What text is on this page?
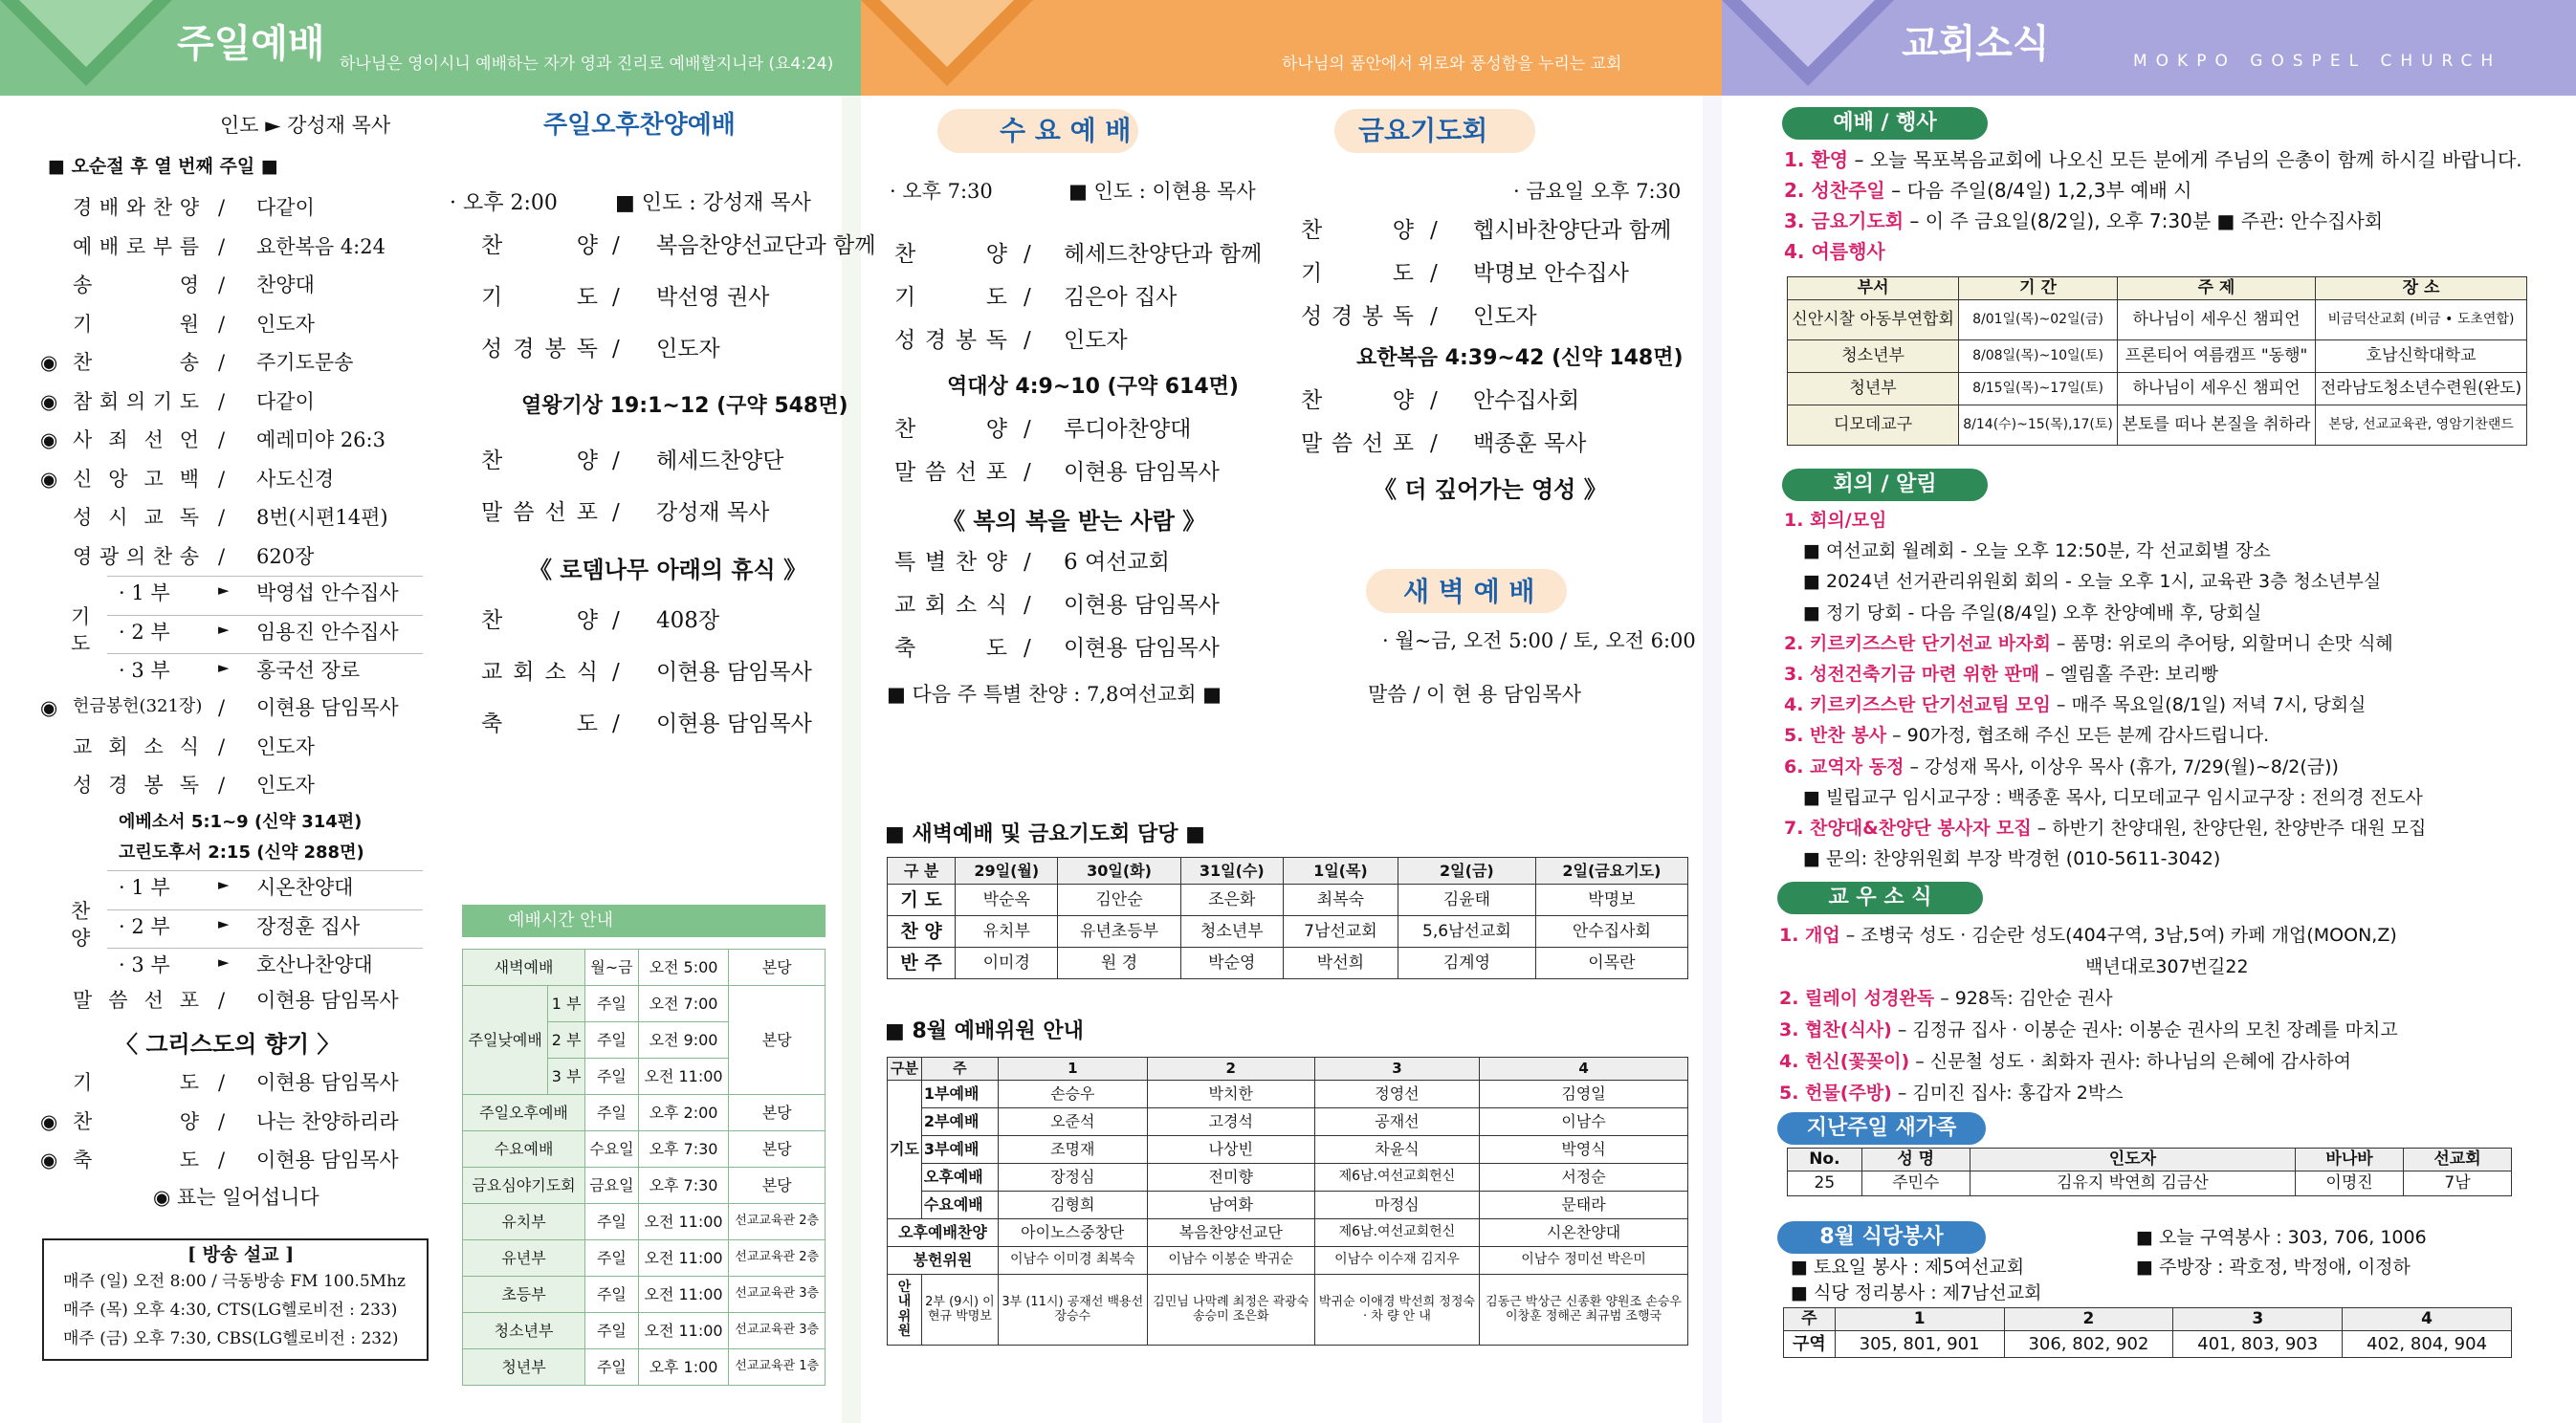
주일예배 하나님은 영이시니 예배하는 자가 영과 진리로 예배할지니라 (요4:24)	하나님의 품안에서 위로와 풍성함을 누리는 교회	교회소식	MOKPO GOSPEL CHURCH
인도 ► 강성재 목사
■ 오순절 후 열 번째 주일 ■
경 배 와 찬 양 / 다같이
예 배 로 부 름 / 요한복음 4:24
송	영 / 찬양대
기	원 / 인도자
◉ 찬	송 / 주기도문송
◉ 참 회 의 기 도 / 다같이
◉ 사 죄 선 언 / 예레미야 26:3
◉ 신 앙 고 백 / 사도신경
성 시 교 독 / 8번(시편14편)
영 광 의 찬 송 / 620장
기 도
· 1 부	► 박영섭 안수집사
· 2 부	► 임용진 안수집사
· 3 부	► 홍국선 장로
◉ 헌금봉헌(321장) / 이현용 담임목사
교 회 소 식 / 인도자
성 경 봉 독 / 인도자
에베소서 5:1~9 (신약 314편)
고린도후서 2:15 (신약 288면)
찬 양
· 1 부	► 시온찬양대
· 2 부	► 장정훈 집사
· 3 부	► 호산나찬양대
말 씀 선 포 / 이현용 담임목사
〈 그리스도의 향기 〉
기	도 / 이현용 담임목사
◉ 찬	양 / 나는 찬양하리라
◉ 축	도 / 이현용 담임목사
◉ 표는 일어섭니다
[ 방송 설교 ]
매주 (일) 오전 8:00 / 극동방송 FM 100.5Mhz
매주 (목) 오후 4:30, CTS(LG헬로비전 : 233)
매주 (금) 오후 7:30, CBS(LG헬로비전 : 232)
주일오후찬양예배
· 오후 2:00	■ 인도 : 강성재 목사
찬	양 / 복음찬양선교단과 함께
기	도 / 박선영 권사
성 경 봉 독 / 인도자
열왕기상 19:1~12 (구약 548면)
찬	양 / 헤세드찬양단
말 씀 선 포 / 강성재 목사
《 로뎀나무 아래의 휴식 》
찬	양 / 408장
교 회 소 식 / 이현용 담임목사
축	도 / 이현용 담임목사
예배시간 안내
새벽예배		월~금	오전 5:00	본당
주일낮예배	1 부	주일	오전 7:00	본당
	2 부	주일	오전 9:00	
	3 부	주일	오전 11:00	
주일오후예배		주일	오후 2:00	본당
수요예배		수요일	오후 7:30	본당
금요심야기도회		금요일	오후 7:30	본당
유치부		주일	오전 11:00	선교교육관 2층
유년부		주일	오전 11:00	선교교육관 2층
초등부		주일	오전 11:00	선교교육관 3층
청소년부		주일	오전 11:00	선교교육관 3층
청년부		주일	오후 1:00	선교교육관 1층
수 요 예 배
· 오후 7:30	■ 인도 : 이현용 목사
찬	양 / 헤세드찬양단과 함께
기	도 / 김은아 집사
성 경 봉 독 / 인도자
역대상 4:9~10 (구약 614면)
찬	양 / 루디아찬양대
말 씀 선 포 / 이현용 담임목사
《 복의 복을 받는 사람 》
특 별 찬 양 / 6 여선교회
교 회 소 식 / 이현용 담임목사
축	도 / 이현용 담임목사
■ 다음 주 특별 찬양 : 7,8여선교회 ■
금요기도회
· 금요일 오후 7:30
찬	양 / 헵시바찬양단과 함께
기	도 / 박명보 안수집사
성 경 봉 독 / 인도자
요한복음 4:39~42 (신약 148면)
찬	양 / 안수집사회
말 씀 선 포 / 백종훈 목사
《 더 깊어가는 영성 》
새 벽 예 배
· 월~금, 오전 5:00 / 토, 오전 6:00
말씀 / 이 현 용 담임목사
■ 새벽예배 및 금요기도회 담당 ■
구 분	29일(월)	30일(화)	31일(수)	1일(목)	2일(금)	2일(금요기도)
기 도	박순옥	김안순	조은화	최복숙	김윤태	박명보
찬 양	유치부	유년초등부	청소년부	7남선교회	5,6남선교회	안수집사회
반 주	이미경	원 경	박순영	박선희	김계영	이목란
■ 8월 예배위원 안내
구분	주	1	2	3	4
기도	1부예배	손승우	박치한	정영선	김영일
	2부예배	오준석	고경석	공재선	이남수
	3부예배	조명재	나상빈	차윤식	박영식
	오후예배	장정심	전미향	제6남.여선교회헌신	서정순
	수요예배	김형희	남여화	마정심	문태라
오후예배찬양		아이노스중창단	복음찬양선교단	제6남.여선교회헌신	시온찬양대
봉헌위원		이남수 이미경 최복숙	이남수 이봉순 박귀순	이남수 이수재 김지우	이남수 정미선 박은미
안 내 위 원	2부 (9시) 이현규 박명보	3부 (11시) 공재선 백용선 장승수	김민님 나막례 최정은 곽광숙 송승미 조은화	박귀순 이애경 박선희 정정숙 · 차 량 안 내	김동근 박상근 신종환 양원조 손승우 이창훈 정해곤 최규범 조행국
예배 / 행사
1. 환영 – 오늘 목포복음교회에 나오신 모든 분에게 주님의 은총이 함께 하시길 바랍니다.
2. 성찬주일 – 다음 주일(8/4일) 1,2,3부 예배 시
3. 금요기도회 – 이 주 금요일(8/2일), 오후 7:30분 ■ 주관: 안수집사회
4. 여름행사
부서	기 간	주 제	장 소
신안시찰 아동부연합회	8/01일(목)~02일(금)	하나님이 세우신 챔피언	비금덕산교회 (비금 • 도초연합)
청소년부	8/08일(목)~10일(토)	프론티어 여름캠프 "동행"	호남신학대학교
청년부	8/15일(목)~17일(토)	하나님이 세우신 챔피언	전라남도청소년수련원(완도)
디모데교구	8/14(수)~15(목),17(토)	본토를 떠나 본질을 취하라	본당, 선교교육관, 영암기찬랜드
회의 / 알림
1. 회의/모임
■ 여선교회 월례회 - 오늘 오후 12:50분, 각 선교회별 장소
■ 2024년 선거관리위원회 회의 - 오늘 오후 1시, 교육관 3층 청소년부실
■ 정기 당회 - 다음 주일(8/4일) 오후 찬양예배 후, 당회실
2. 키르키즈스탄 단기선교 바자회 – 품명: 위로의 추어탕, 외할머니 손맛 식혜
3. 성전건축기금 마련 위한 판매 – 엘림홀 주관: 보리빵
4. 키르키즈스탄 단기선교팀 모임 – 매주 목요일(8/1일) 저녁 7시, 당회실
5. 반찬 봉사 – 90가정, 협조해 주신 모든 분께 감사드립니다.
6. 교역자 동정 – 강성재 목사, 이상우 목사 (휴가, 7/29(월)~8/2(금))
■ 빌립교구 임시교구장 : 백종훈 목사, 디모데교구 임시교구장 : 전의경 전도사
7. 찬양대&찬양단 봉사자 모집 – 하반기 찬양대원, 찬양단원, 찬양반주 대원 모집
■ 문의: 찬양위원회 부장 박경헌 (010-5611-3042)
교 우 소 식
1. 개업 – 조병국 성도 · 김순란 성도(404구역, 3남,5여) 카페 개업(MOON,Z)
백년대로307번길22
2. 릴레이 성경완독 – 928독: 김안순 권사
3. 협찬(식사) – 김정규 집사 · 이봉순 권사: 이봉순 권사의 모친 장례를 마치고
4. 헌신(꽃꽂이) – 신문철 성도 · 최화자 권사: 하나님의 은혜에 감사하여
5. 헌물(주방) – 김미진 집사: 홍갑자 2박스
지난주일 새가족
No.	성 명	인도자	바나바	선교회
25	주민수	김유지 박연희 김금산	이명진	7남
8월 식당봉사
■ 토요일 봉사 : 제5여선교회
■ 식당 정리봉사 : 제7남선교회
■ 오늘 구역봉사 : 303, 706, 1006
■ 주방장 : 곽호정, 박정애, 이정하
주	1	2	3	4
구역	305, 801, 901	306, 802, 902	401, 803, 903	402, 804, 904
